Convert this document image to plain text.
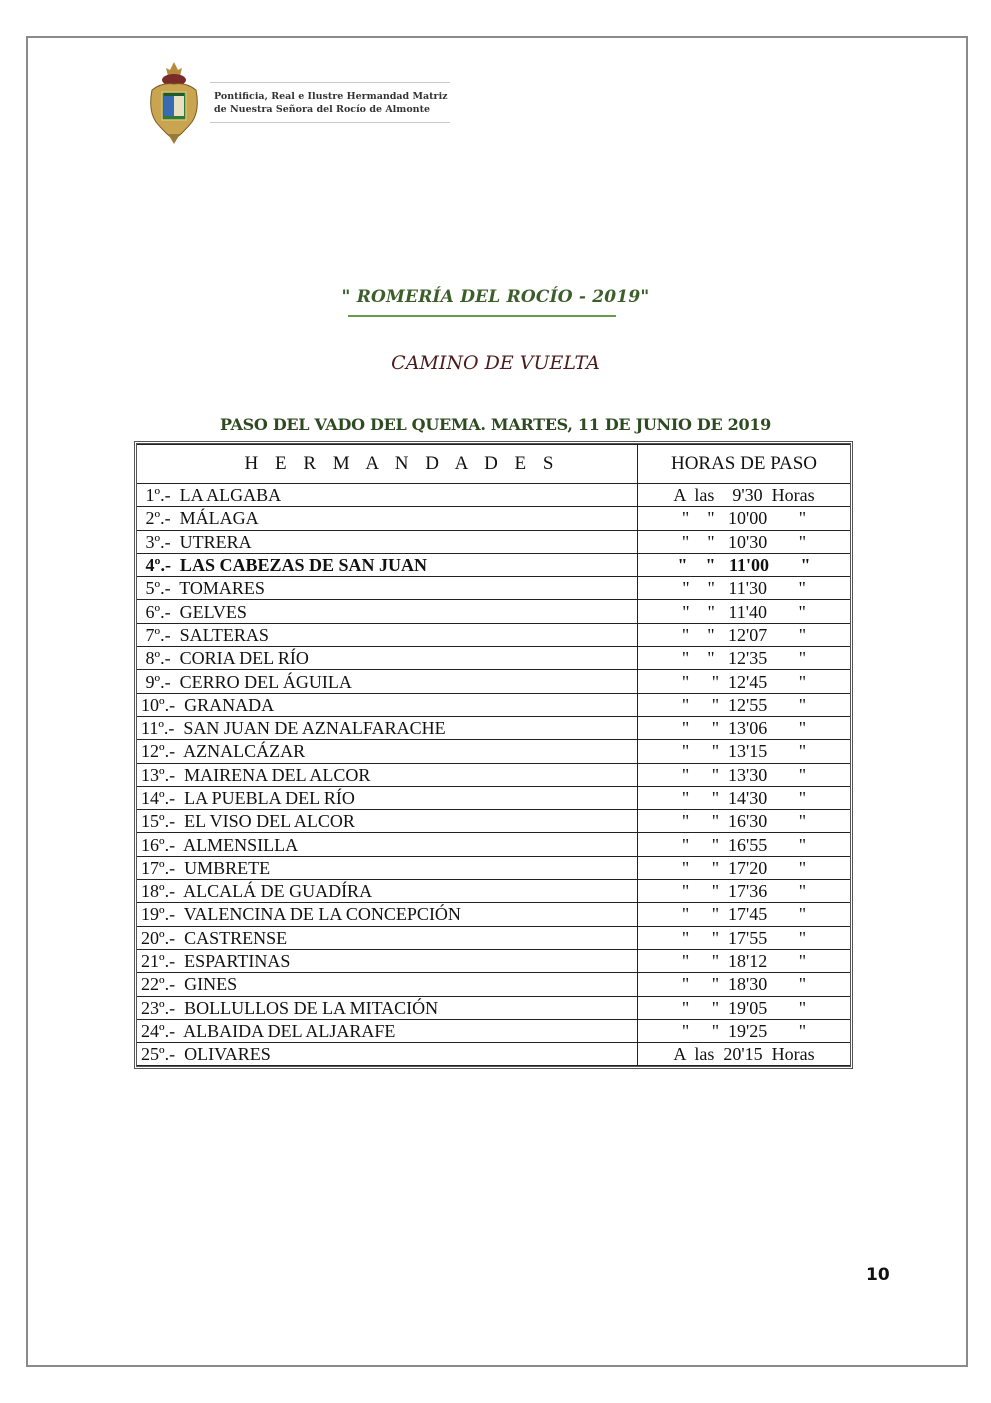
Pontificia, Real e Ilustre Hermandad Matriz
de Nuestra Señora del Rocío de Almonte
" ROMERÍA DEL ROCÍO - 2019"
CAMINO DE VUELTA
PASO DEL VADO DEL QUEMA. MARTES, 11 DE JUNIO DE 2019
H E R M A N D A D E S	HORAS DE PASO
1º.-  LA ALGABA	A  las    9'30  Horas
2º.-  MÁLAGA	"    "   10'00       "
3º.-  UTRERA	"    "   10'30       "
4º.-  LAS CABEZAS DE SAN JUAN	"    "   11'00       "
5º.-  TOMARES	"    "   11'30       "
6º.-  GELVES	"    "   11'40       "
7º.-  SALTERAS	"    "   12'07       "
8º.-  CORIA DEL RÍO	"    "   12'35       "
9º.-  CERRO DEL ÁGUILA	"     "  12'45       "
10º.-  GRANADA	"     "  12'55       "
11º.-  SAN JUAN DE AZNALFARACHE	"     "  13'06       "
12º.-  AZNALCÁZAR	"     "  13'15       "
13º.-  MAIRENA DEL ALCOR	"     "  13'30       "
14º.-  LA PUEBLA DEL RÍO	"     "  14'30       "
15º.-  EL VISO DEL ALCOR	"     "  16'30       "
16º.-  ALMENSILLA	"     "  16'55       "
17º.-  UMBRETE	"     "  17'20       "
18º.-  ALCALÁ DE GUADÍRA	"     "  17'36       "
19º.-  VALENCINA DE LA CONCEPCIÓN	"     "  17'45       "
20º.-  CASTRENSE	"     "  17'55       "
21º.-  ESPARTINAS	"     "  18'12       "
22º.-  GINES	"     "  18'30       "
23º.-  BOLLULLOS DE LA MITACIÓN	"     "  19'05       "
24º.-  ALBAIDA DEL ALJARAFE	"     "  19'25       "
25º.-  OLIVARES	A  las  20'15  Horas
10
